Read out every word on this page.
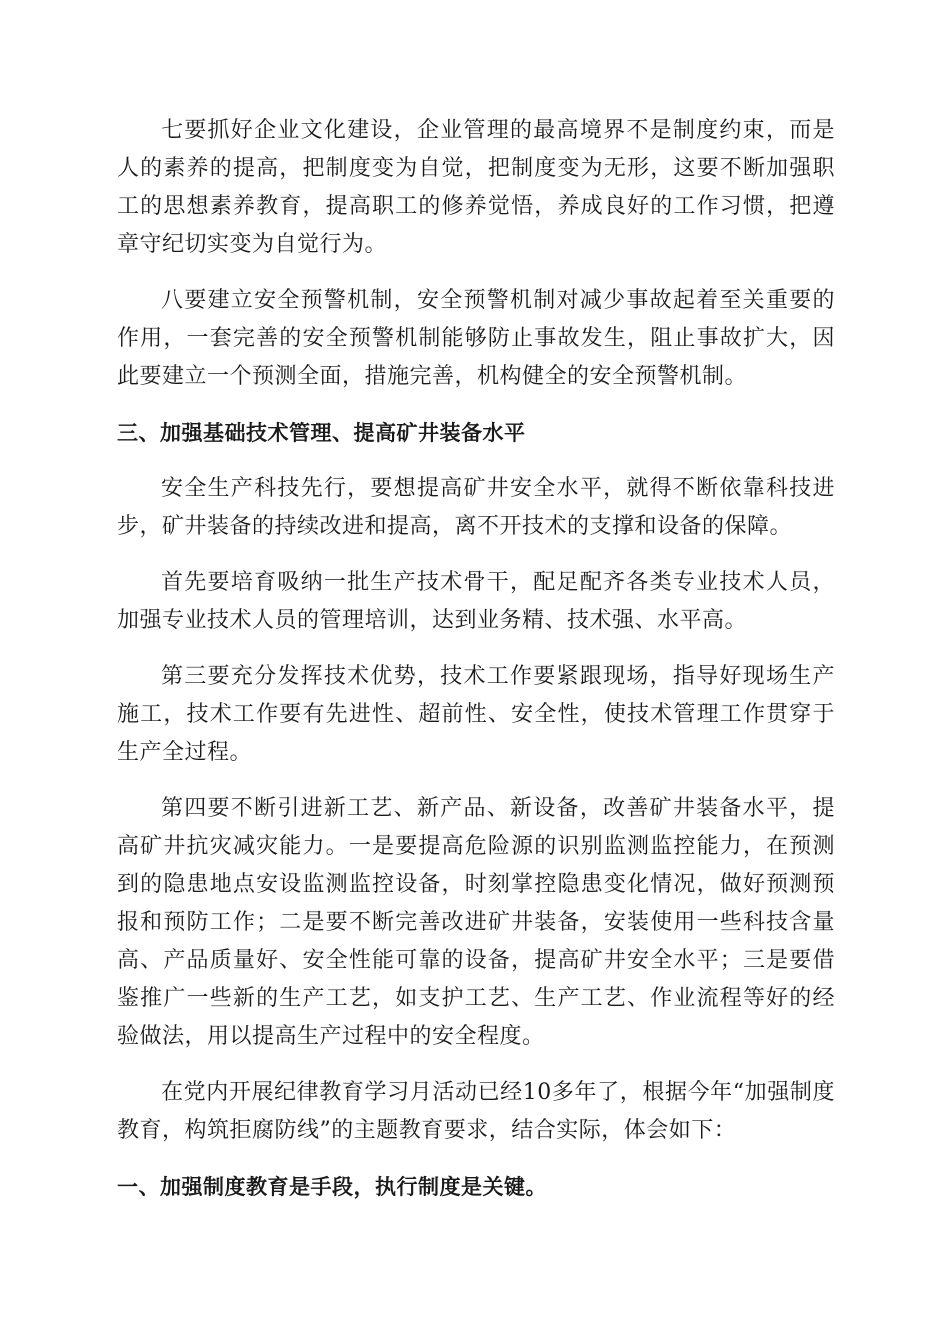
七要抓好企业文化建设，企业管理的最高境界不是制度约束，而是人的素养的提高，把制度变为自觉，把制度变为无形，这要不断加强职工的思想素养教育，提高职工的修养觉悟，养成良好的工作习惯，把遵章守纪切实变为自觉行为。

八要建立安全预警机制，安全预警机制对减少事故起着至关重要的作用，一套完善的安全预警机制能够防止事故发生，阻止事故扩大，因此要建立一个预测全面，措施完善，机构健全的安全预警机制。

三、加强基础技术管理、提高矿井装备水平

安全生产科技先行，要想提高矿井安全水平，就得不断依靠科技进步，矿井装备的持续改进和提高，离不开技术的支撑和设备的保障。

首先要培育吸纳一批生产技术骨干，配足配齐各类专业技术人员，加强专业技术人员的管理培训，达到业务精、技术强、水平高。

第三要充分发挥技术优势，技术工作要紧跟现场，指导好现场生产施工，技术工作要有先进性、超前性、安全性，使技术管理工作贯穿于生产全过程。

第四要不断引进新工艺、新产品、新设备，改善矿井装备水平，提高矿井抗灾减灾能力。一是要提高危险源的识别监测监控能力，在预测到的隐患地点安设监测监控设备，时刻掌控隐患变化情况，做好预测预报和预防工作；二是要不断完善改进矿井装备，安装使用一些科技含量高、产品质量好、安全性能可靠的设备，提高矿井安全水平；三是要借鉴推广一些新的生产工艺，如支护工艺、生产工艺、作业流程等好的经验做法，用以提高生产过程中的安全程度。

在党内开展纪律教育学习月活动已经10多年了，根据今年“加强制度教育，构筑拒腐防线”的主题教育要求，结合实际，体会如下：

一、加强制度教育是手段，执行制度是关键。
